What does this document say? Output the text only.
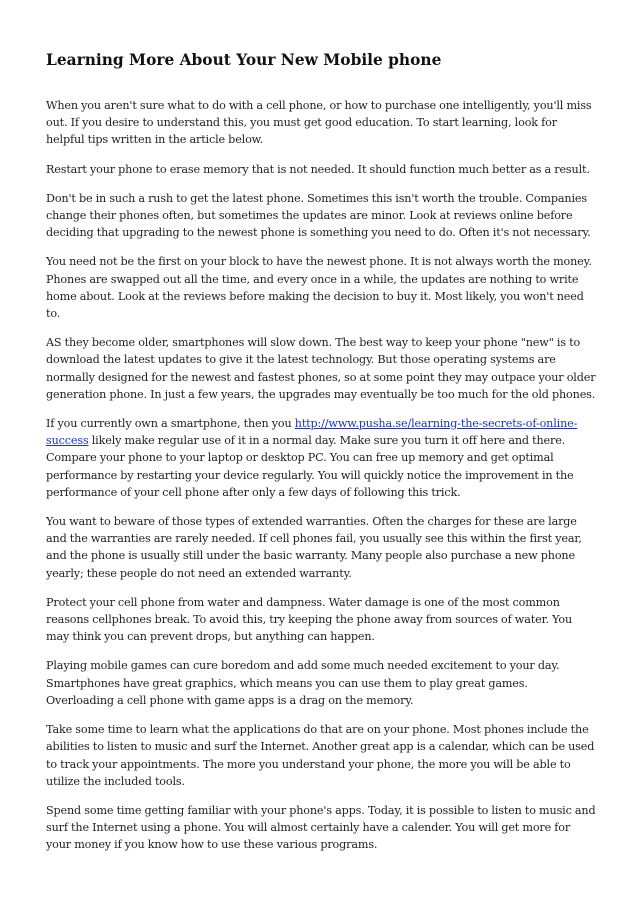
Learning More About Your New Mobile phone

When you aren't sure what to do with a cell phone, or how to purchase one intelligently, you'll miss out. If you desire to understand this, you must get good education. To start learning, look for helpful tips written in the article below.

Restart your phone to erase memory that is not needed. It should function much better as a result.

Don't be in such a rush to get the latest phone. Sometimes this isn't worth the trouble. Companies change their phones often, but sometimes the updates are minor. Look at reviews online before deciding that upgrading to the newest phone is something you need to do. Often it's not necessary.

You need not be the first on your block to have the newest phone. It is not always worth the money. Phones are swapped out all the time, and every once in a while, the updates are nothing to write home about. Look at the reviews before making the decision to buy it. Most likely, you won't need to.

AS they become older, smartphones will slow down. The best way to keep your phone "new" is to download the latest updates to give it the latest technology. But those operating systems are normally designed for the newest and fastest phones, so at some point they may outpace your older generation phone. In just a few years, the upgrades may eventually be too much for the old phones.

If you currently own a smartphone, then you http://www.pusha.se/learning-the-secrets-of-online-success likely make regular use of it in a normal day. Make sure you turn it off here and there. Compare your phone to your laptop or desktop PC. You can free up memory and get optimal performance by restarting your device regularly. You will quickly notice the improvement in the performance of your cell phone after only a few days of following this trick.

You want to beware of those types of extended warranties. Often the charges for these are large and the warranties are rarely needed. If cell phones fail, you usually see this within the first year, and the phone is usually still under the basic warranty. Many people also purchase a new phone yearly; these people do not need an extended warranty.

Protect your cell phone from water and dampness. Water damage is one of the most common reasons cellphones break. To avoid this, try keeping the phone away from sources of water. You may think you can prevent drops, but anything can happen.

Playing mobile games can cure boredom and add some much needed excitement to your day. Smartphones have great graphics, which means you can use them to play great games. Overloading a cell phone with game apps is a drag on the memory.

Take some time to learn what the applications do that are on your phone. Most phones include the abilities to listen to music and surf the Internet. Another great app is a calendar, which can be used to track your appointments. The more you understand your phone, the more you will be able to utilize the included tools.

Spend some time getting familiar with your phone's apps. Today, it is possible to listen to music and surf the Internet using a phone. You will almost certainly have a calender. You will get more for your money if you know how to use these various programs.
